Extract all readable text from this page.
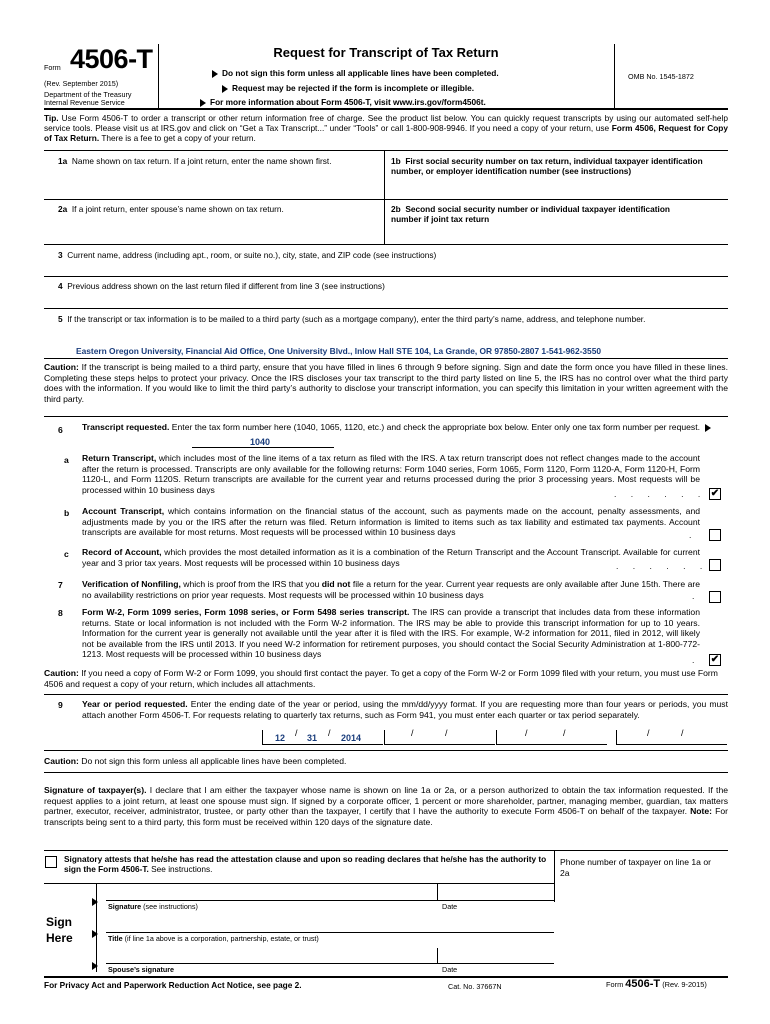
Form 4506-T
(Rev. September 2015)
Department of the Treasury
Internal Revenue Service
Request for Transcript of Tax Return
Do not sign this form unless all applicable lines have been completed.
Request may be rejected if the form is incomplete or illegible.
For more information about Form 4506-T, visit www.irs.gov/form4506t.
OMB No. 1545-1872
Tip. Use Form 4506-T to order a transcript or other return information free of charge. See the product list below. You can quickly request transcripts by using our automated self-help service tools. Please visit us at IRS.gov and click on “Get a Tax Transcript...” under “Tools” or call 1-800-908-9946. If you need a copy of your return, use Form 4506, Request for Copy of Tax Return. There is a fee to get a copy of your return.
1a Name shown on tax return. If a joint return, enter the name shown first.	1b First social security number on tax return, individual taxpayer identification number, or employer identification number (see instructions)
2a If a joint return, enter spouse’s name shown on tax return.	2b Second social security number or individual taxpayer identification number if joint tax return
3 Current name, address (including apt., room, or suite no.), city, state, and ZIP code (see instructions)
4 Previous address shown on the last return filed if different from line 3 (see instructions)
5 If the transcript or tax information is to be mailed to a third party (such as a mortgage company), enter the third party’s name, address, and telephone number.
Eastern Oregon University, Financial Aid Office, One University Blvd., Inlow Hall STE 104, La Grande, OR 97850-2807 1-541-962-3550
Caution: If the transcript is being mailed to a third party, ensure that you have filled in lines 6 through 9 before signing. Sign and date the form once you have filled in these lines. Completing these steps helps to protect your privacy. Once the IRS discloses your tax transcript to the third party listed on line 5, the IRS has no control over what the third party does with the information. If you would like to limit the third party’s authority to disclose your transcript information, you can specify this limitation in your written agreement with the third party.
6 Transcript requested. Enter the tax form number here (1040, 1065, 1120, etc.) and check the appropriate box below. Enter only one tax form number per request.
1040
a Return Transcript, which includes most of the line items of a tax return as filed with the IRS. A tax return transcript does not reflect changes made to the account after the return is processed. Transcripts are only available for the following returns: Form 1040 series, Form 1065, Form 1120, Form 1120-A, Form 1120-H, Form 1120-L, and Form 1120S. Return transcripts are available for the current year and returns processed during the prior 3 processing years. Most requests will be processed within 10 business days	. . . . . . ✔
b Account Transcript, which contains information on the financial status of the account, such as payments made on the account, penalty assessments, and adjustments made by you or the IRS after the return was filed. Return information is limited to items such as tax liability and estimated tax payments. Account transcripts are available for most returns. Most requests will be processed within 10 business days	.
c Record of Account, which provides the most detailed information as it is a combination of the Return Transcript and the Account Transcript. Available for current year and 3 prior tax years. Most requests will be processed within 10 business days	. . . . . .
7 Verification of Nonfiling, which is proof from the IRS that you did not file a return for the year. Current year requests are only available after June 15th. There are no availability restrictions on prior year requests. Most requests will be processed within 10 business days	.
8 Form W-2, Form 1099 series, Form 1098 series, or Form 5498 series transcript. The IRS can provide a transcript that includes data from these information returns. State or local information is not included with the Form W-2 information. The IRS may be able to provide this transcript information for up to 10 years. Information for the current year is generally not available until the year after it is filed with the IRS. For example, W-2 information for 2011, filed in 2012, will likely not be available from the IRS until 2013. If you need W-2 information for retirement purposes, you should contact the Social Security Administration at 1-800-772-1213. Most requests will be processed within 10 business days
. ✔
Caution: If you need a copy of Form W-2 or Form 1099, you should first contact the payer. To get a copy of the Form W-2 or Form 1099 filed with your return, you must use Form 4506 and request a copy of your return, which includes all attachments.
9 Year or period requested. Enter the ending date of the year or period, using the mm/dd/yyyy format. If you are requesting more than four years or periods, you must attach another Form 4506-T. For requests relating to quarterly tax returns, such as Form 941, you must enter each quarter or tax period separately.
12 / 31 / 2014	/	/	/	/	/	/
Caution: Do not sign this form unless all applicable lines have been completed.
Signature of taxpayer(s). I declare that I am either the taxpayer whose name is shown on line 1a or 2a, or a person authorized to obtain the tax information requested. If the request applies to a joint return, at least one spouse must sign. If signed by a corporate officer, 1 percent or more shareholder, partner, managing member, guardian, tax matters partner, executor, receiver, administrator, trustee, or party other than the taxpayer, I certify that I have the authority to execute Form 4506-T on behalf of the taxpayer. Note: For transcripts being sent to a third party, this form must be received within 120 days of the signature date.
Signatory attests that he/she has read the attestation clause and upon so reading declares that he/she has the authority to sign the Form 4506-T. See instructions.
Phone number of taxpayer on line 1a or 2a
Sign
Here
Signature (see instructions)	Date
Title (if line 1a above is a corporation, partnership, estate, or trust)
Spouse’s signature	Date
For Privacy Act and Paperwork Reduction Act Notice, see page 2.	Cat. No. 37667N	Form 4506-T (Rev. 9-2015)
